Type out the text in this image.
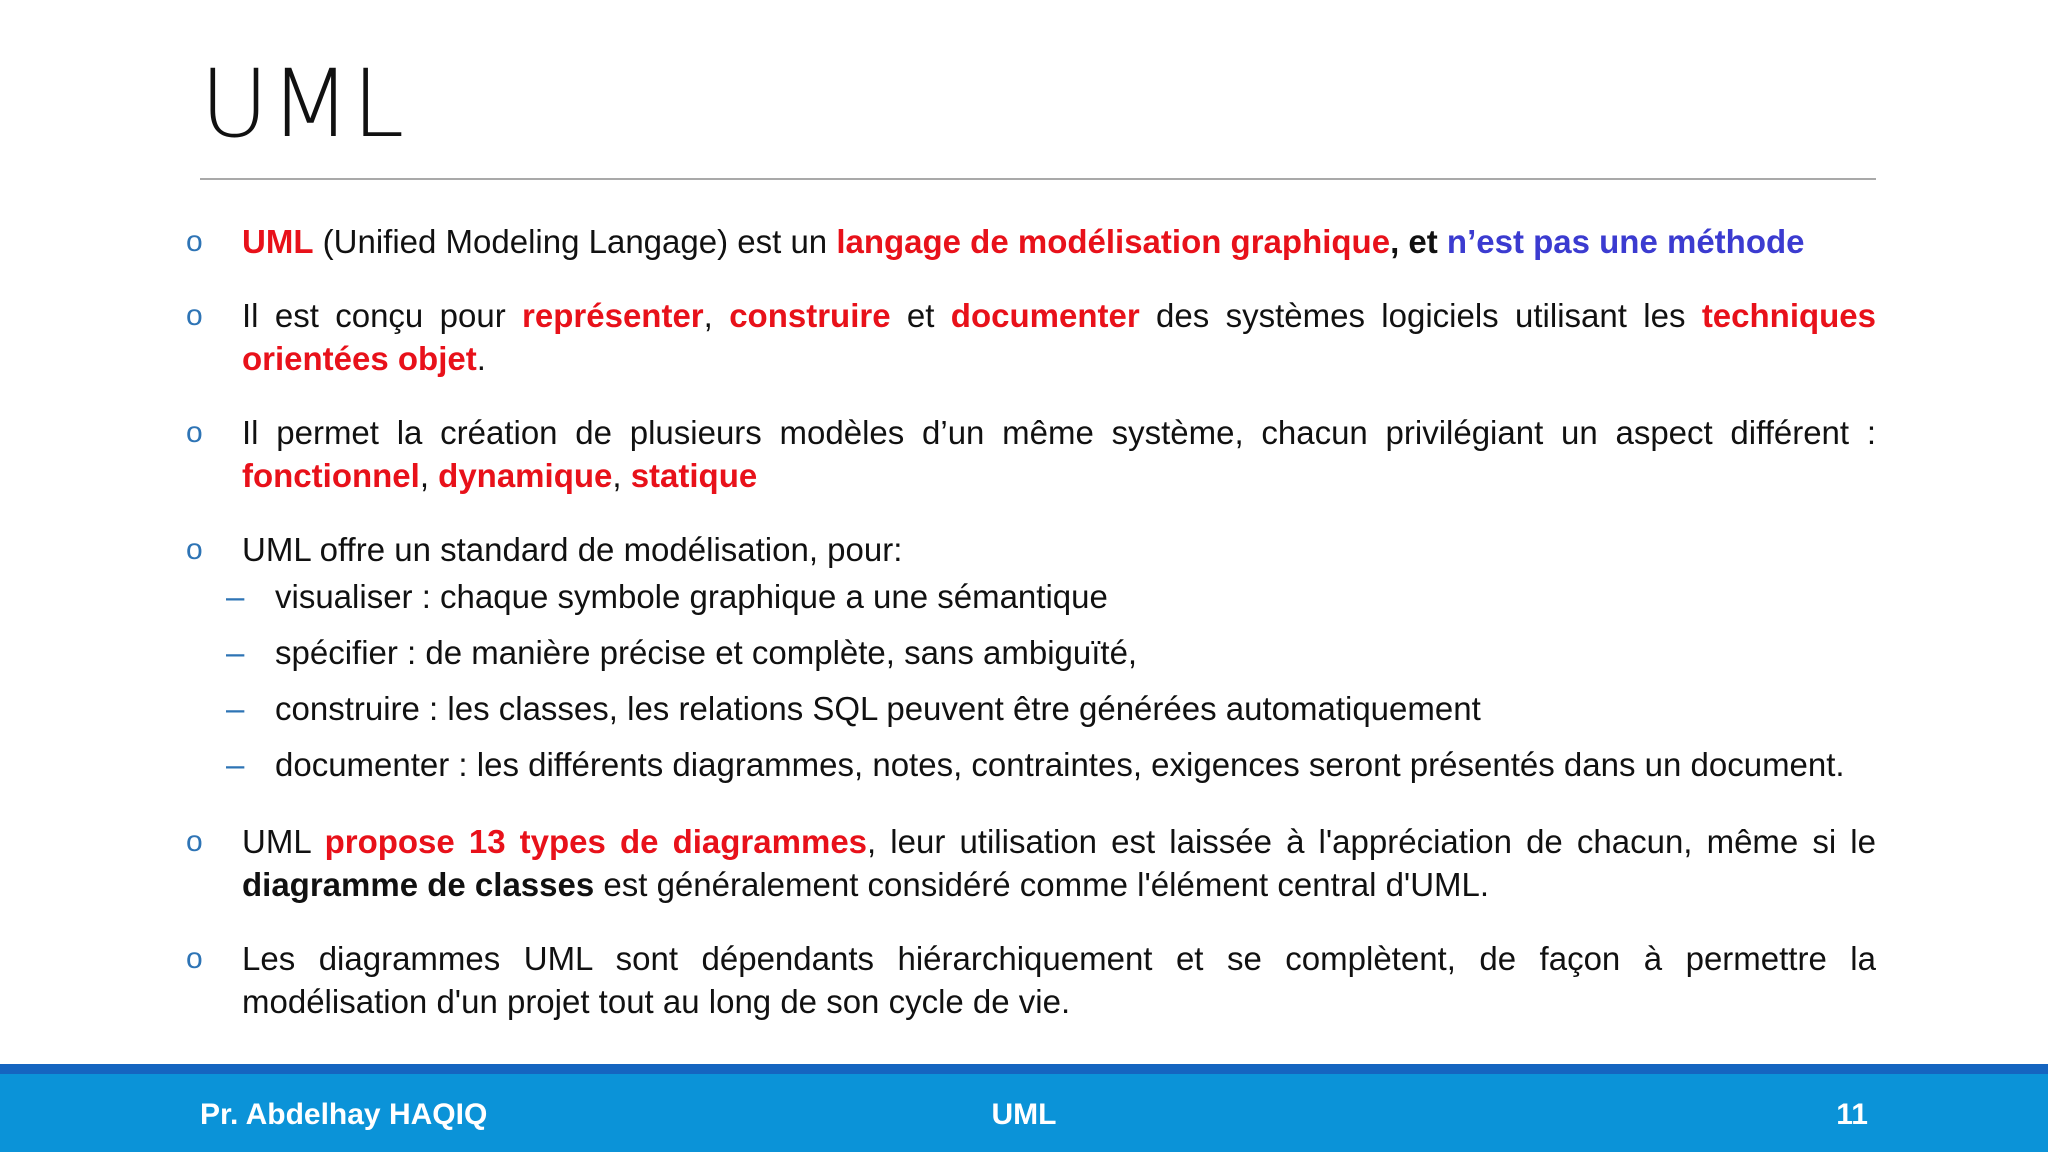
UML
o UML (Unified Modeling Langage) est un langage de modélisation graphique, et n’est pas une méthode
o Il est conçu pour représenter, construire et documenter des systèmes logiciels utilisant les techniques orientées objet.
o Il permet la création de plusieurs modèles d’un même système, chacun privilégiant un aspect différent : fonctionnel, dynamique, statique
o UML offre un standard de modélisation, pour:
– visualiser : chaque symbole graphique a une sémantique
– spécifier : de manière précise et complète, sans ambiguïté,
– construire : les classes, les relations SQL peuvent être générées automatiquement
– documenter : les différents diagrammes, notes, contraintes, exigences seront présentés dans un document.
o UML propose 13 types de diagrammes, leur utilisation est laissée à l'appréciation de chacun, même si le diagramme de classes est généralement considéré comme l'élément central d'UML.
o Les diagrammes UML sont dépendants hiérarchiquement et se complètent, de façon à permettre la modélisation d'un projet tout au long de son cycle de vie.
Pr. Abdelhay HAQIQ	UML	11
